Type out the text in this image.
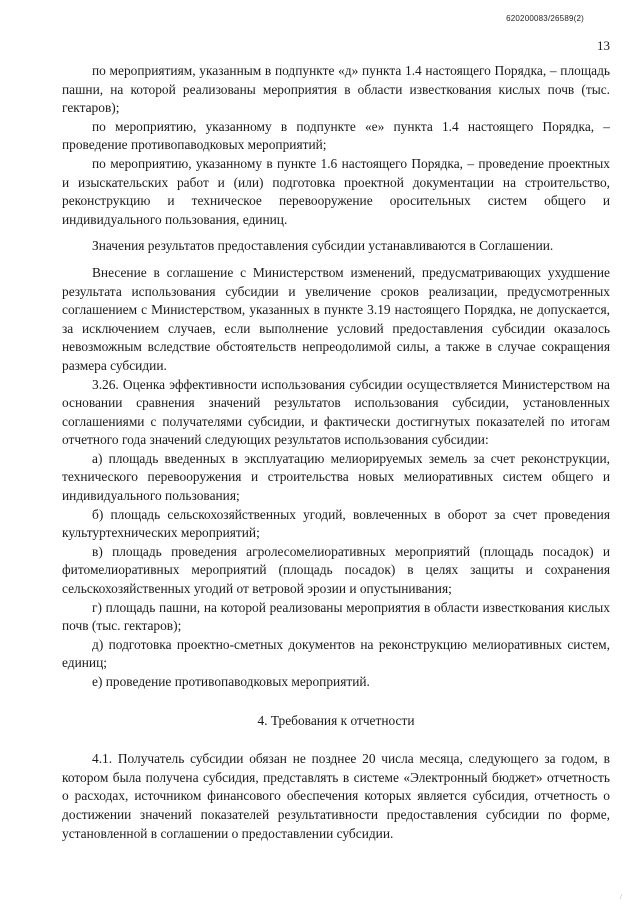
620200083/26589(2)
13

по мероприятиям, указанным в подпункте «д» пункта 1.4 настоящего Порядка, – площадь пашни, на которой реализованы мероприятия в области известкования кислых почв (тыс. гектаров);

по мероприятию, указанному в подпункте «е» пункта 1.4 настоящего Порядка, – проведение противопаводковых мероприятий;

по мероприятию, указанному в пункте 1.6 настоящего Порядка, – проведение проектных и изыскательских работ и (или) подготовка проектной документации на строительство, реконструкцию и техническое перевооружение оросительных систем общего и индивидуального пользования, единиц.

Значения результатов предоставления субсидии устанавливаются в Соглашении.

Внесение в соглашение с Министерством изменений, предусматривающих ухудшение результата использования субсидии и увеличение сроков реализации, предусмотренных соглашением с Министерством, указанных в пункте 3.19 настоящего Порядка, не допускается, за исключением случаев, если выполнение условий предоставления субсидии оказалось невозможным вследствие обстоятельств непреодолимой силы, а также в случае сокращения размера субсидии.

3.26. Оценка эффективности использования субсидии осуществляется Министерством на основании сравнения значений результатов использования субсидии, установленных соглашениями с получателями субсидии, и фактически достигнутых показателей по итогам отчетного года значений следующих результатов использования субсидии:

а) площадь введенных в эксплуатацию мелиорируемых земель за счет реконструкции, технического перевооружения и строительства новых мелиоративных систем общего и индивидуального пользования;

б) площадь сельскохозяйственных угодий, вовлеченных в оборот за счет проведения культуртехнических мероприятий;

в) площадь проведения агролесомелиоративных мероприятий (площадь посадок) и фитомелиоративных мероприятий (площадь посадок) в целях защиты и сохранения сельскохозяйственных угодий от ветровой эрозии и опустынивания;

г) площадь пашни, на которой реализованы мероприятия в области известкования кислых почв (тыс. гектаров);

д) подготовка проектно-сметных документов на реконструкцию мелиоративных систем, единиц;

е) проведение противопаводковых мероприятий.

4. Требования к отчетности

4.1. Получатель субсидии обязан не позднее 20 числа месяца, следующего за годом, в котором была получена субсидия, представлять в системе «Электронный бюджет» отчетность о расходах, источником финансового обеспечения которых является субсидия, отчетность о достижении значений показателей результативности предоставления субсидии по форме, установленной в соглашении о предоставлении субсидии.

/
